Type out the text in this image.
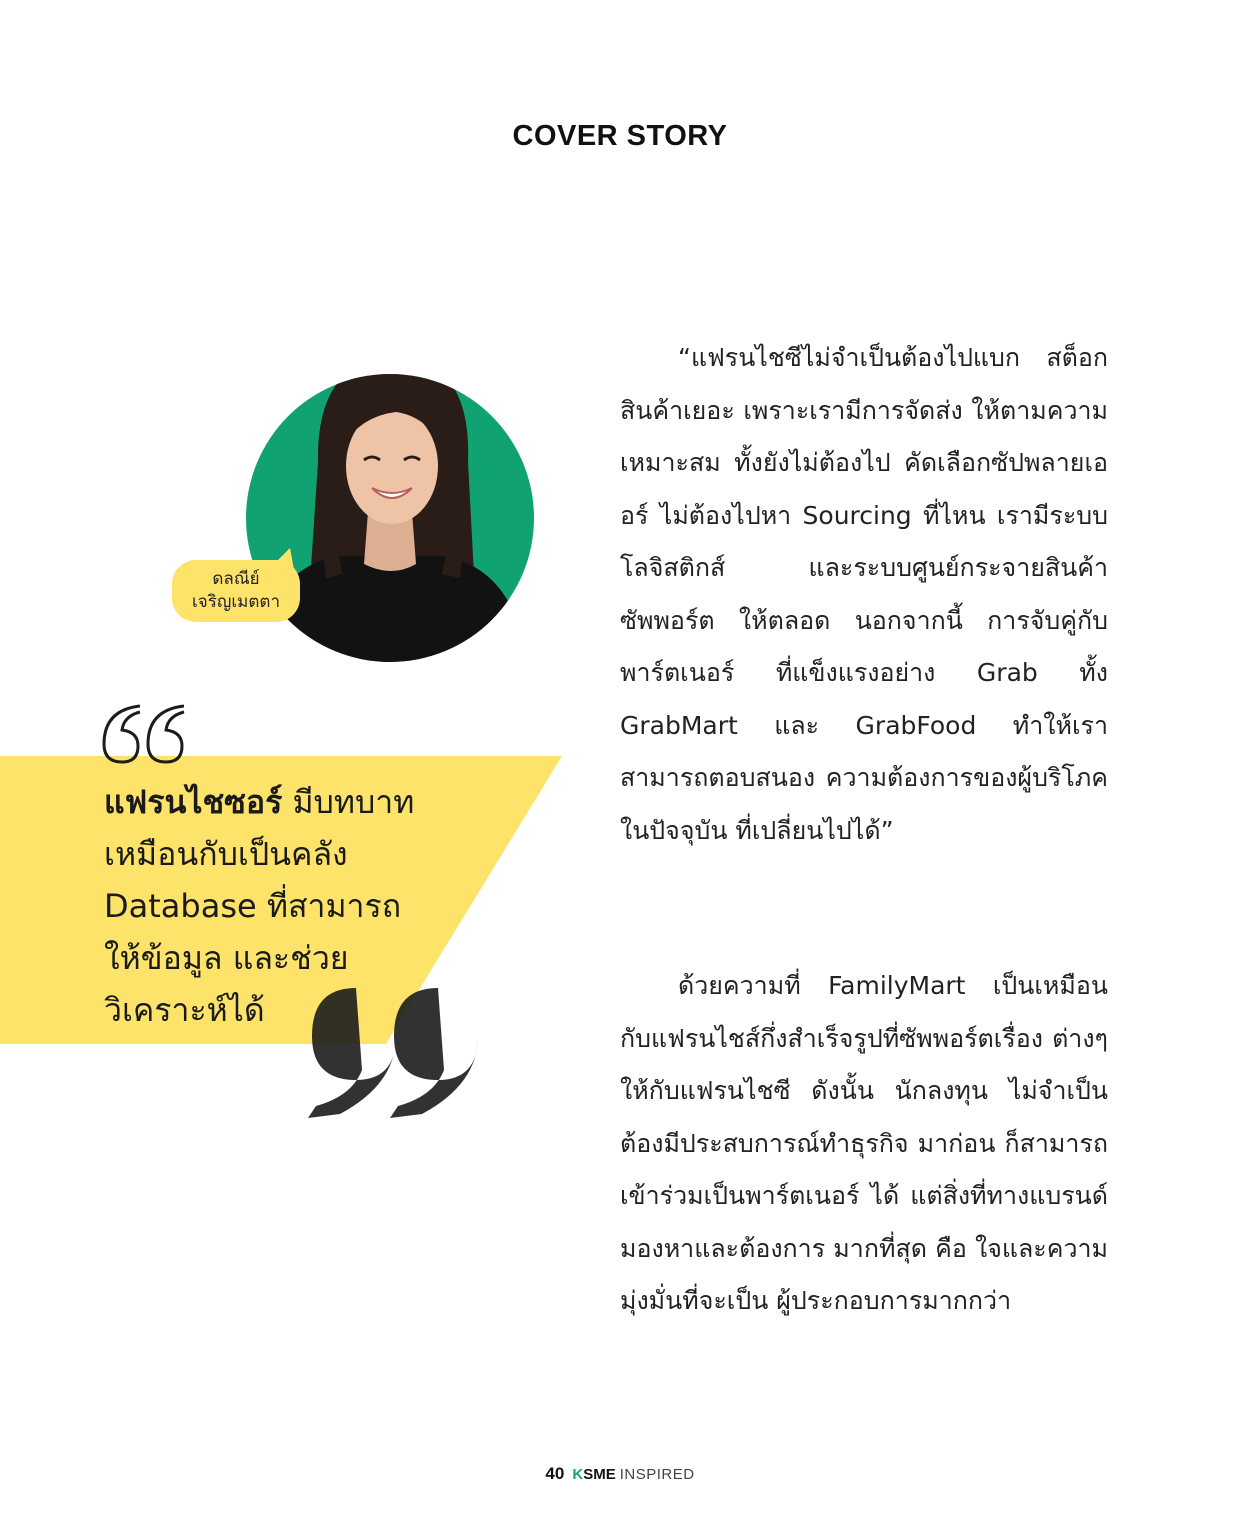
COVER STORY
ดลณีย์
เจริญเมตตา
แฟรนไชซอร์ มีบทบาท
เหมือนกับเป็นคลัง
Database ที่สามารถ
ให้ข้อมูล และช่วย
วิเคราะห์ได้
“แฟรนไชซีไม่จำเป็นต้องไปแบก สต็อกสินค้าเยอะ เพราะเรามีการจัดส่ง ให้ตามความเหมาะสม ทั้งยังไม่ต้องไป คัดเลือกซัปพลายเออร์ ไม่ต้องไปหา Sourcing ที่ไหน เรามีระบบโลจิสติกส์ และระบบศูนย์กระจายสินค้าซัพพอร์ต ให้ตลอด นอกจากนี้ การจับคู่กับพาร์ตเนอร์ ที่แข็งแรงอย่าง Grab ทั้ง GrabMart และ GrabFood ทำให้เราสามารถตอบสนอง ความต้องการของผู้บริโภคในปัจจุบัน ที่เปลี่ยนไปได้”
ด้วยความที่ FamilyMart เป็นเหมือน กับแฟรนไชส์กึ่งสำเร็จรูปที่ซัพพอร์ตเรื่อง ต่างๆ ให้กับแฟรนไชซี ดังนั้น นักลงทุน ไม่จำเป็นต้องมีประสบการณ์ทำธุรกิจ มาก่อน ก็สามารถเข้าร่วมเป็นพาร์ตเนอร์ ได้ แต่สิ่งที่ทางแบรนด์มองหาและต้องการ มากที่สุด คือ ใจและความมุ่งมั่นที่จะเป็น ผู้ประกอบการมากกว่า
40 KSME INSPIRED
